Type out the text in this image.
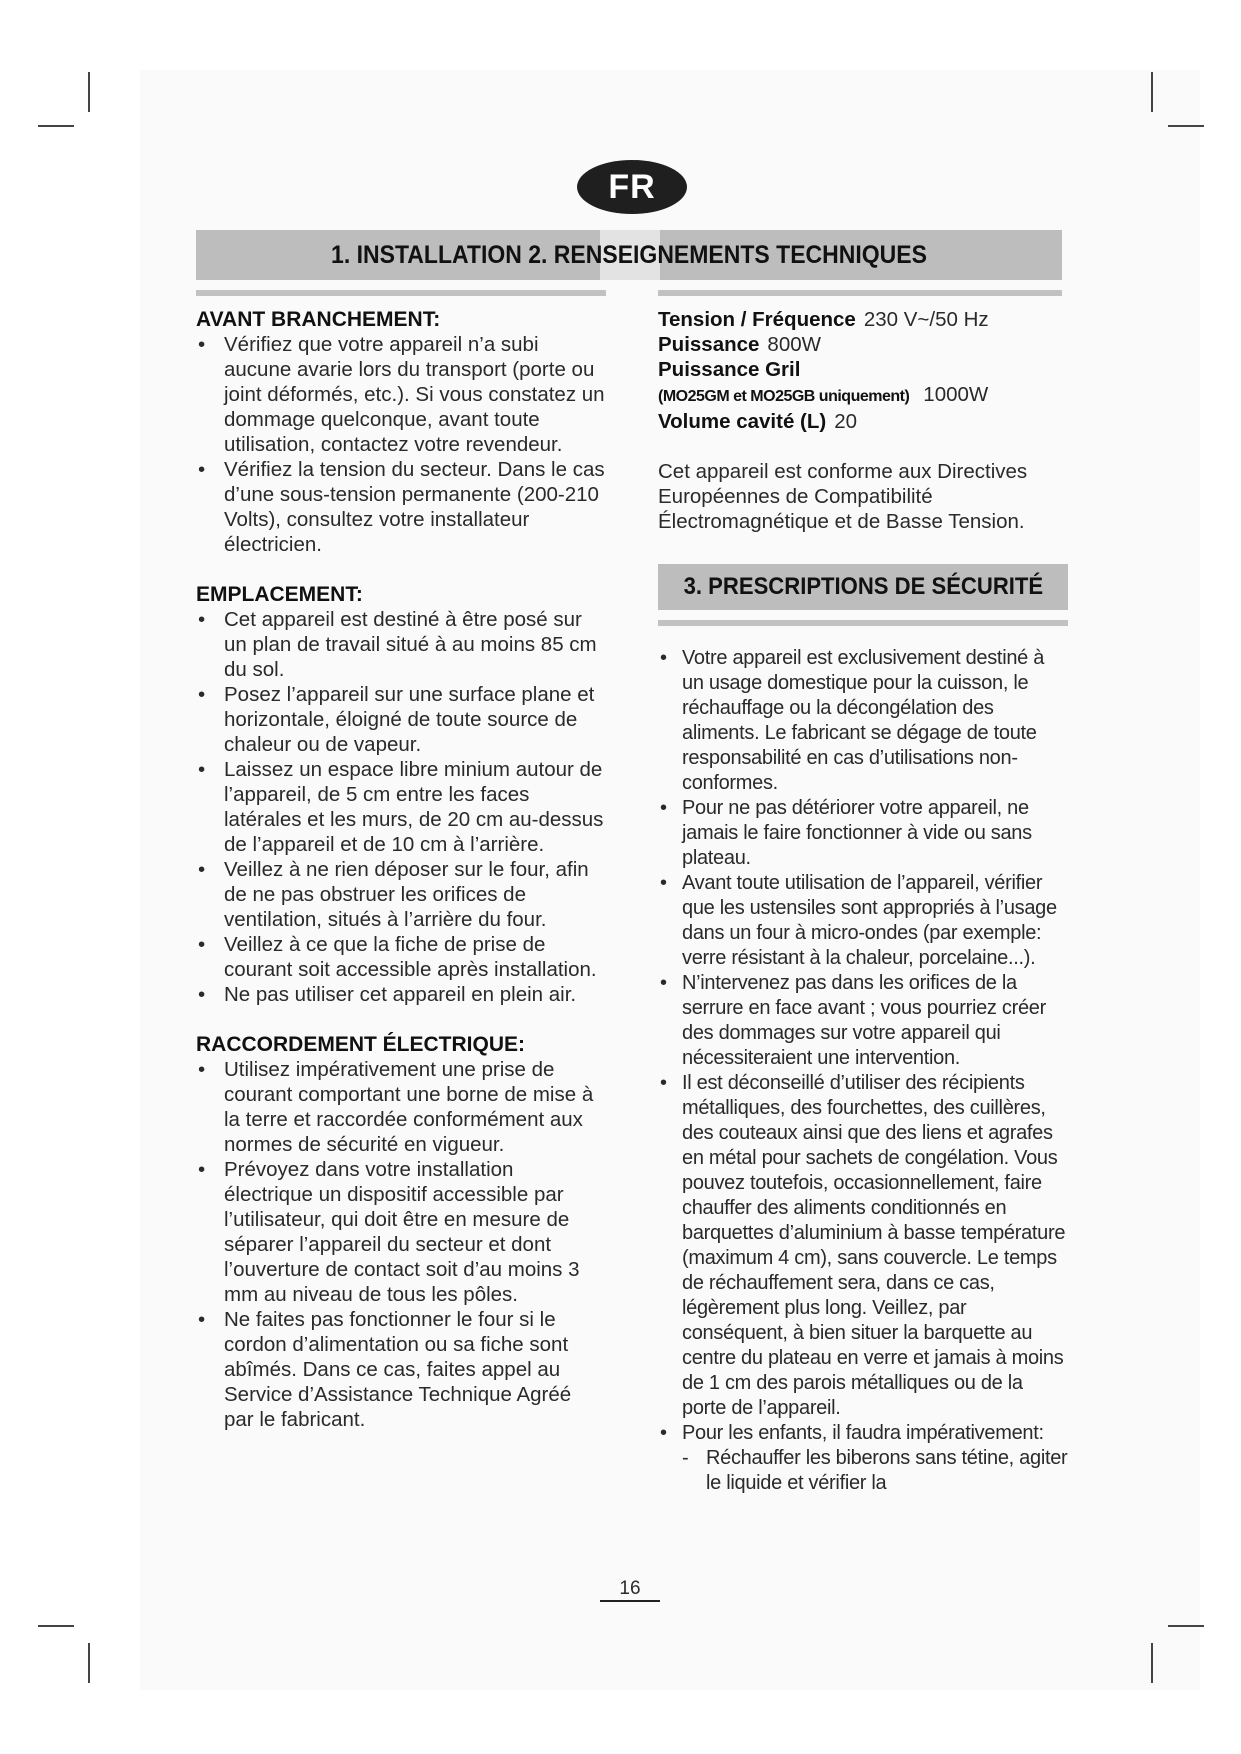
FR
1. INSTALLATION 2. RENSEIGNEMENTS TECHNIQUES

AVANT BRANCHEMENT:

• Vérifiez que votre appareil n’a subi aucune avarie lors du transport (porte ou joint déformés, etc.). Si vous constatez un dommage quelconque, avant toute utilisation, contactez votre revendeur.
• Vérifiez la tension du secteur. Dans le cas d’une sous-tension permanente (200-210 Volts), consultez votre installateur électricien.

EMPLACEMENT:

• Cet appareil est destiné à être posé sur un plan de travail situé à au moins 85 cm du sol.
• Posez l’appareil sur une surface plane et horizontale, éloigné de toute source de chaleur ou de vapeur.
• Laissez un espace libre minium autour de l’appareil, de 5 cm entre les faces latérales et les murs, de 20 cm au-dessus de l’appareil et de 10 cm à l’arrière.
• Veillez à ne rien déposer sur le four, afin de ne pas obstruer les orifices de ventilation, situés à l’arrière du four.
• Veillez à ce que la fiche de prise de courant soit accessible après installation.
• Ne pas utiliser cet appareil en plein air.

RACCORDEMENT ÉLECTRIQUE:

• Utilisez impérativement une prise de courant comportant une borne de mise à la terre et raccordée conformément aux normes de sécurité en vigueur.
• Prévoyez dans votre installation électrique un dispositif accessible par l’utilisateur, qui doit être en mesure de séparer l’appareil du secteur et dont l’ouverture de contact soit d’au moins 3 mm au niveau de tous les pôles.
• Ne faites pas fonctionner le four si le cordon d’alimentation ou sa fiche sont abîmés. Dans ce cas, faites appel au Service d’Assistance Technique Agréé par le fabricant.

Tension / Fréquence 230 V~/50 Hz

Puissance 800W

Puissance Gril

(MO25GM et MO25GB uniquement) 1000W

Volume cavité (L) 20

Cet appareil est conforme aux Directives Européennes de Compatibilité Électromagnétique et de Basse Tension.

3. PRESCRIPTIONS DE SÉCURITÉ
• Votre appareil est exclusivement destiné à un usage domestique pour la cuisson, le réchauffage ou la décongélation des aliments. Le fabricant se dégage de toute responsabilité en cas d’utilisations non-conformes.
• Pour ne pas détériorer votre appareil, ne jamais le faire fonctionner à vide ou sans plateau.
• Avant toute utilisation de l’appareil, vérifier que les ustensiles sont appropriés à l’usage dans un four à micro-ondes (par exemple: verre résistant à la chaleur, porcelaine...).
• N’intervenez pas dans les orifices de la serrure en face avant ; vous pourriez créer des dommages sur votre appareil qui nécessiteraient une intervention.
• Il est déconseillé d’utiliser des récipients métalliques, des fourchettes, des cuillères, des couteaux ainsi que des liens et agrafes en métal pour sachets de congélation. Vous pouvez toutefois, occasionnellement, faire chauffer des aliments conditionnés en barquettes d’aluminium à basse température (maximum 4 cm), sans couvercle. Le temps de réchauffement sera, dans ce cas, légèrement plus long. Veillez, par conséquent, à bien situer la barquette au centre du plateau en verre et jamais à moins de 1 cm des parois métalliques ou de la porte de l’appareil.
• Pour les enfants, il faudra impérativement:
- Réchauffer les biberons sans tétine, agiter le liquide et vérifier la
16
